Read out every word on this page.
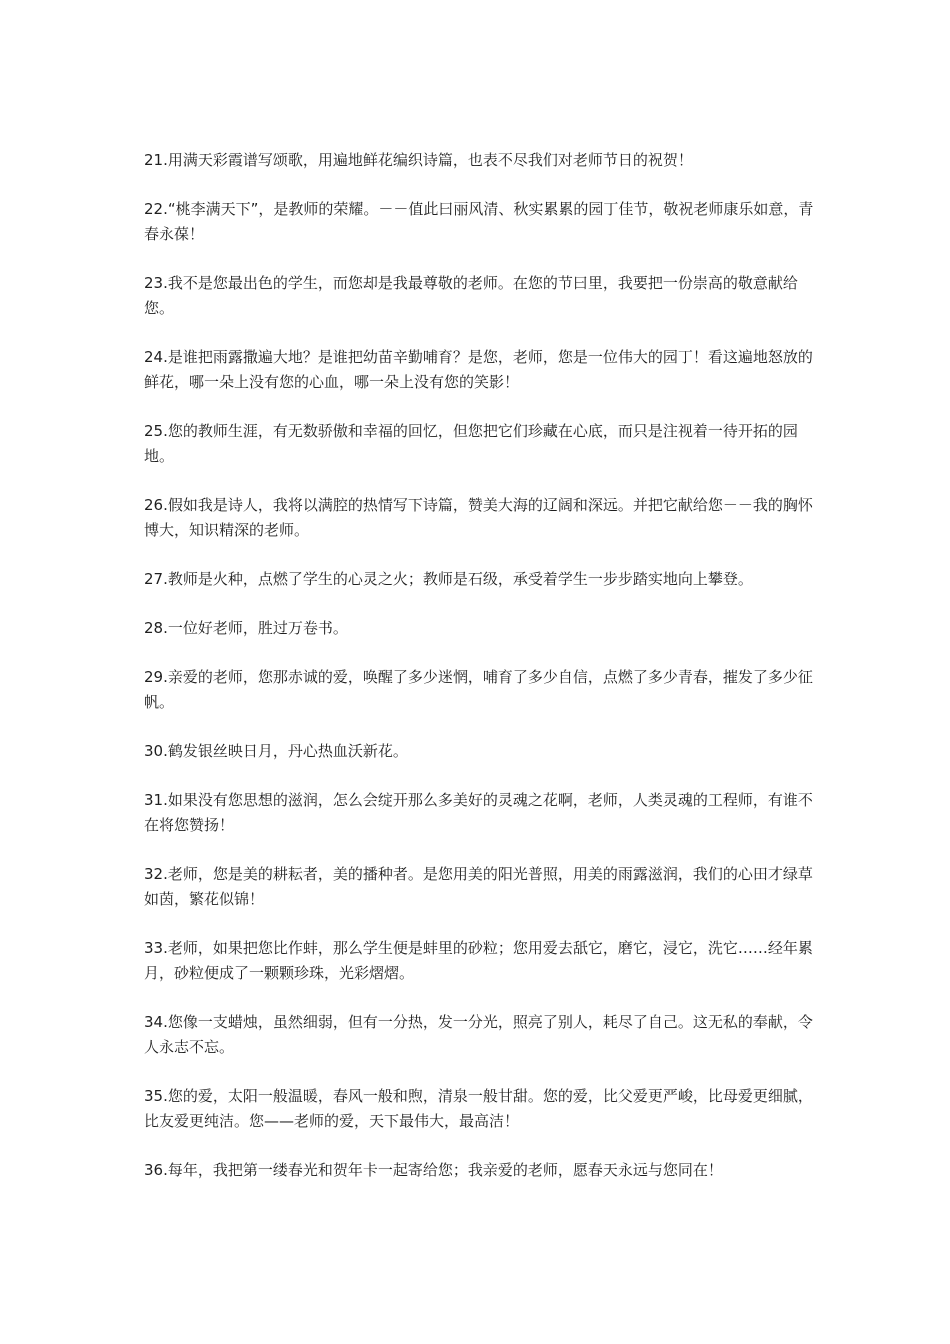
21.用满天彩霞谱写颂歌，用遍地鲜花编织诗篇，也表不尽我们对老师节日的祝贺！

22.“桃李满天下”，是教师的荣耀。－－值此曰丽风清、秋实累累的园丁佳节，敬祝老师康乐如意，青春永葆！

23.我不是您最出色的学生，而您却是我最尊敬的老师。在您的节曰里，我要把一份崇高的敬意献给您。

24.是谁把雨露撒遍大地？是谁把幼苗辛勤哺育？是您，老师，您是一位伟大的园丁！看这遍地怒放的鲜花，哪一朵上没有您的心血，哪一朵上没有您的笑影！

25.您的教师生涯，有无数骄傲和幸福的回忆，但您把它们珍藏在心底，而只是注视着一待开拓的园地。

26.假如我是诗人，我将以满腔的热情写下诗篇，赞美大海的辽阔和深远。并把它献给您－－我的胸怀博大，知识精深的老师。

27.教师是火种，点燃了学生的心灵之火；教师是石级，承受着学生一步步踏实地向上攀登。

28.一位好老师，胜过万卷书。

29.亲爱的老师，您那赤诚的爱，唤醒了多少迷惘，哺育了多少自信，点燃了多少青春，摧发了多少征帆。

30.鹤发银丝映日月，丹心热血沃新花。

31.如果没有您思想的滋润，怎么会绽开那么多美好的灵魂之花啊，老师，人类灵魂的工程师，有谁不在将您赞扬！

32.老师，您是美的耕耘者，美的播种者。是您用美的阳光普照，用美的雨露滋润，我们的心田才绿草如茵，繁花似锦！

33.老师，如果把您比作蚌，那么学生便是蚌里的砂粒；您用爱去舐它，磨它，浸它，洗它……经年累月，砂粒便成了一颗颗珍珠，光彩熠熠。

34.您像一支蜡烛，虽然细弱，但有一分热，发一分光，照亮了别人，耗尽了自己。这无私的奉献，令人永志不忘。

35.您的爱，太阳一般温暖，春风一般和煦，清泉一般甘甜。您的爱，比父爱更严峻，比母爱更细腻，比友爱更纯洁。您——老师的爱，天下最伟大，最高洁！

36.每年，我把第一缕春光和贺年卡一起寄给您；我亲爱的老师，愿春天永远与您同在！
